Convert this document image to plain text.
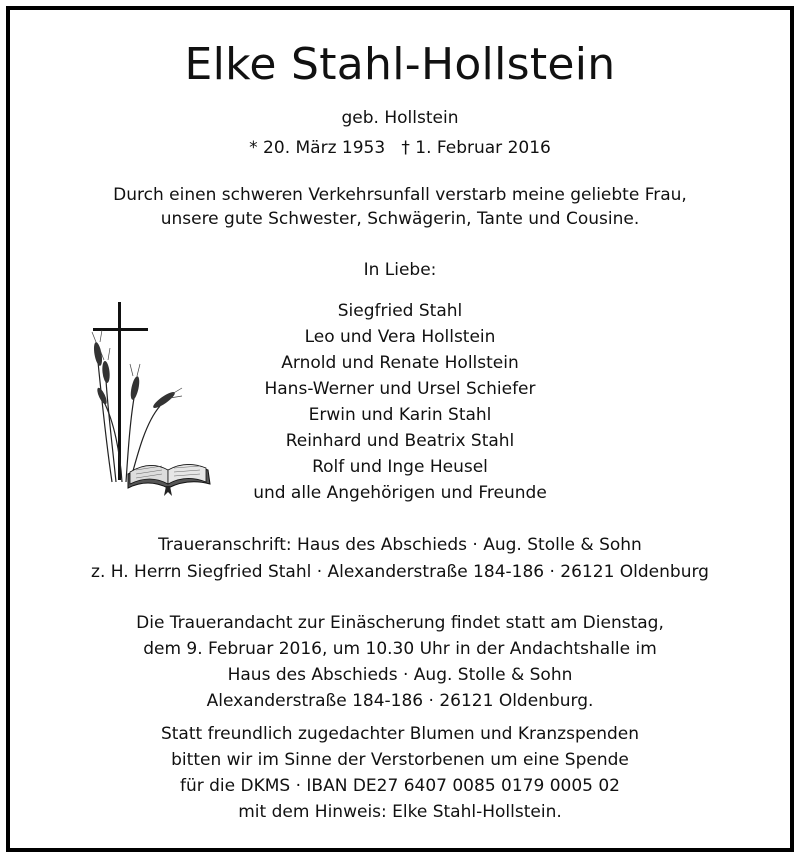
Elke Stahl-Hollstein
geb. Hollstein
* 20. März 1953   † 1. Februar 2016
Durch einen schweren Verkehrsunfall verstarb meine geliebte Frau,
unsere gute Schwester, Schwägerin, Tante und Cousine.
In Liebe:
Siegfried Stahl
Leo und Vera Hollstein
Arnold und Renate Hollstein
Hans-Werner und Ursel Schiefer
Erwin und Karin Stahl
Reinhard und Beatrix Stahl
Rolf und Inge Heusel
und alle Angehörigen und Freunde
Traueranschrift: Haus des Abschieds · Aug. Stolle & Sohn
z. H. Herrn Siegfried Stahl · Alexanderstraße 184-186 · 26121 Oldenburg
Die Trauerandacht zur Einäscherung findet statt am Dienstag,
dem 9. Februar 2016, um 10.30 Uhr in der Andachtshalle im
Haus des Abschieds · Aug. Stolle & Sohn
Alexanderstraße 184-186 · 26121 Oldenburg.
Statt freundlich zugedachter Blumen und Kranzspenden
bitten wir im Sinne der Verstorbenen um eine Spende
für die DKMS · IBAN DE27 6407 0085 0179 0005 02
mit dem Hinweis: Elke Stahl-Hollstein.
